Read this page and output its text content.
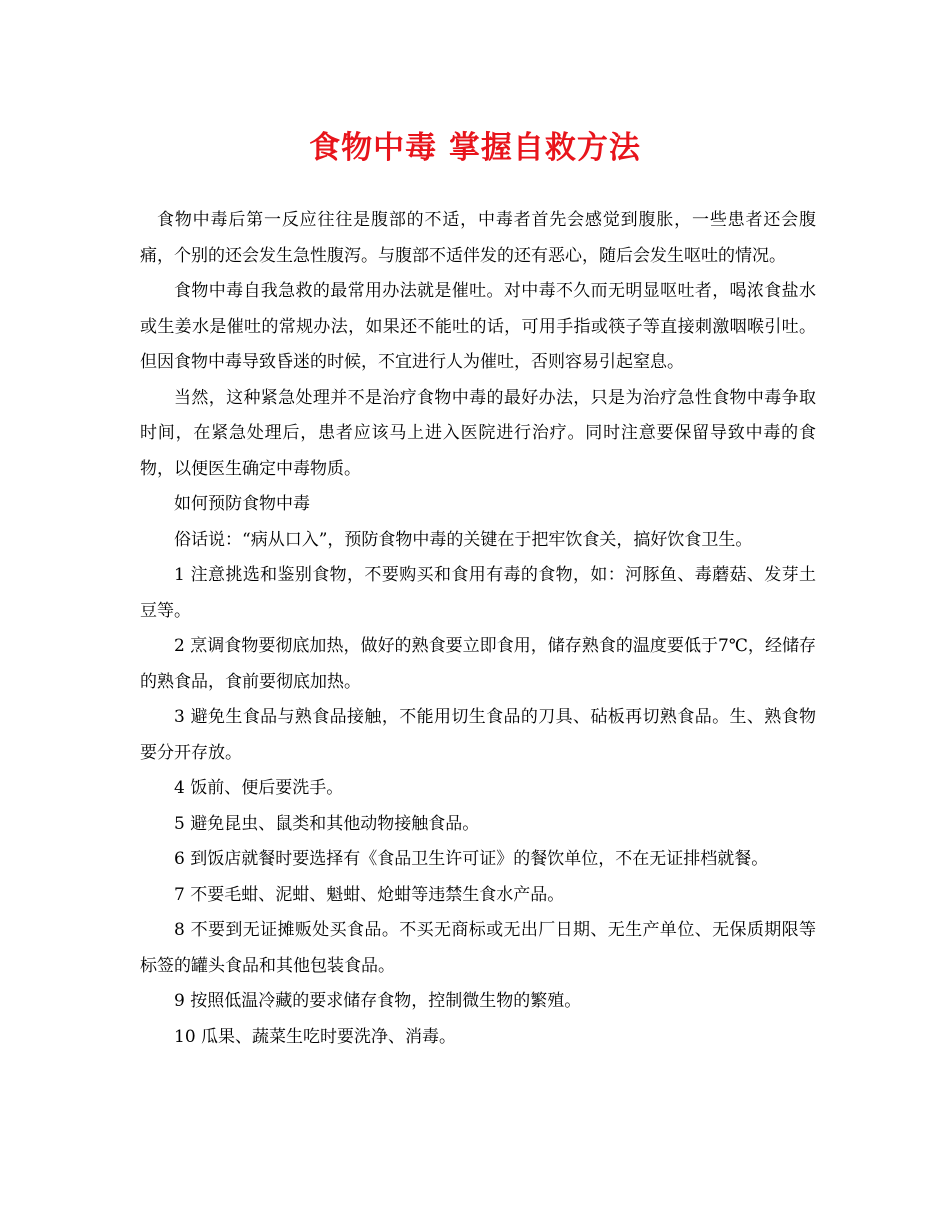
食物中毒 掌握自救方法

食物中毒后第一反应往往是腹部的不适，中毒者首先会感觉到腹胀，一些患者还会腹痛，个别的还会发生急性腹泻。与腹部不适伴发的还有恶心，随后会发生呕吐的情况。

食物中毒自我急救的最常用办法就是催吐。对中毒不久而无明显呕吐者，喝浓食盐水或生姜水是催吐的常规办法，如果还不能吐的话，可用手指或筷子等直接刺激咽喉引吐。但因食物中毒导致昏迷的时候，不宜进行人为催吐，否则容易引起窒息。

当然，这种紧急处理并不是治疗食物中毒的最好办法，只是为治疗急性食物中毒争取时间，在紧急处理后，患者应该马上进入医院进行治疗。同时注意要保留导致中毒的食物，以便医生确定中毒物质。

如何预防食物中毒

俗话说：“病从口入”，预防食物中毒的关键在于把牢饮食关，搞好饮食卫生。

1 注意挑选和鉴别食物，不要购买和食用有毒的食物，如：河豚鱼、毒蘑菇、发芽土豆等。

2 烹调食物要彻底加热，做好的熟食要立即食用，储存熟食的温度要低于7℃，经储存的熟食品，食前要彻底加热。

3 避免生食品与熟食品接触，不能用切生食品的刀具、砧板再切熟食品。生、熟食物要分开存放。

4 饭前、便后要洗手。

5 避免昆虫、鼠类和其他动物接触食品。

6 到饭店就餐时要选择有《食品卫生许可证》的餐饮单位，不在无证排档就餐。

7 不要毛蚶、泥蚶、魁蚶、炝蚶等违禁生食水产品。

8 不要到无证摊贩处买食品。不买无商标或无出厂日期、无生产单位、无保质期限等标签的罐头食品和其他包装食品。

9 按照低温冷藏的要求储存食物，控制微生物的繁殖。

10 瓜果、蔬菜生吃时要洗净、消毒。
